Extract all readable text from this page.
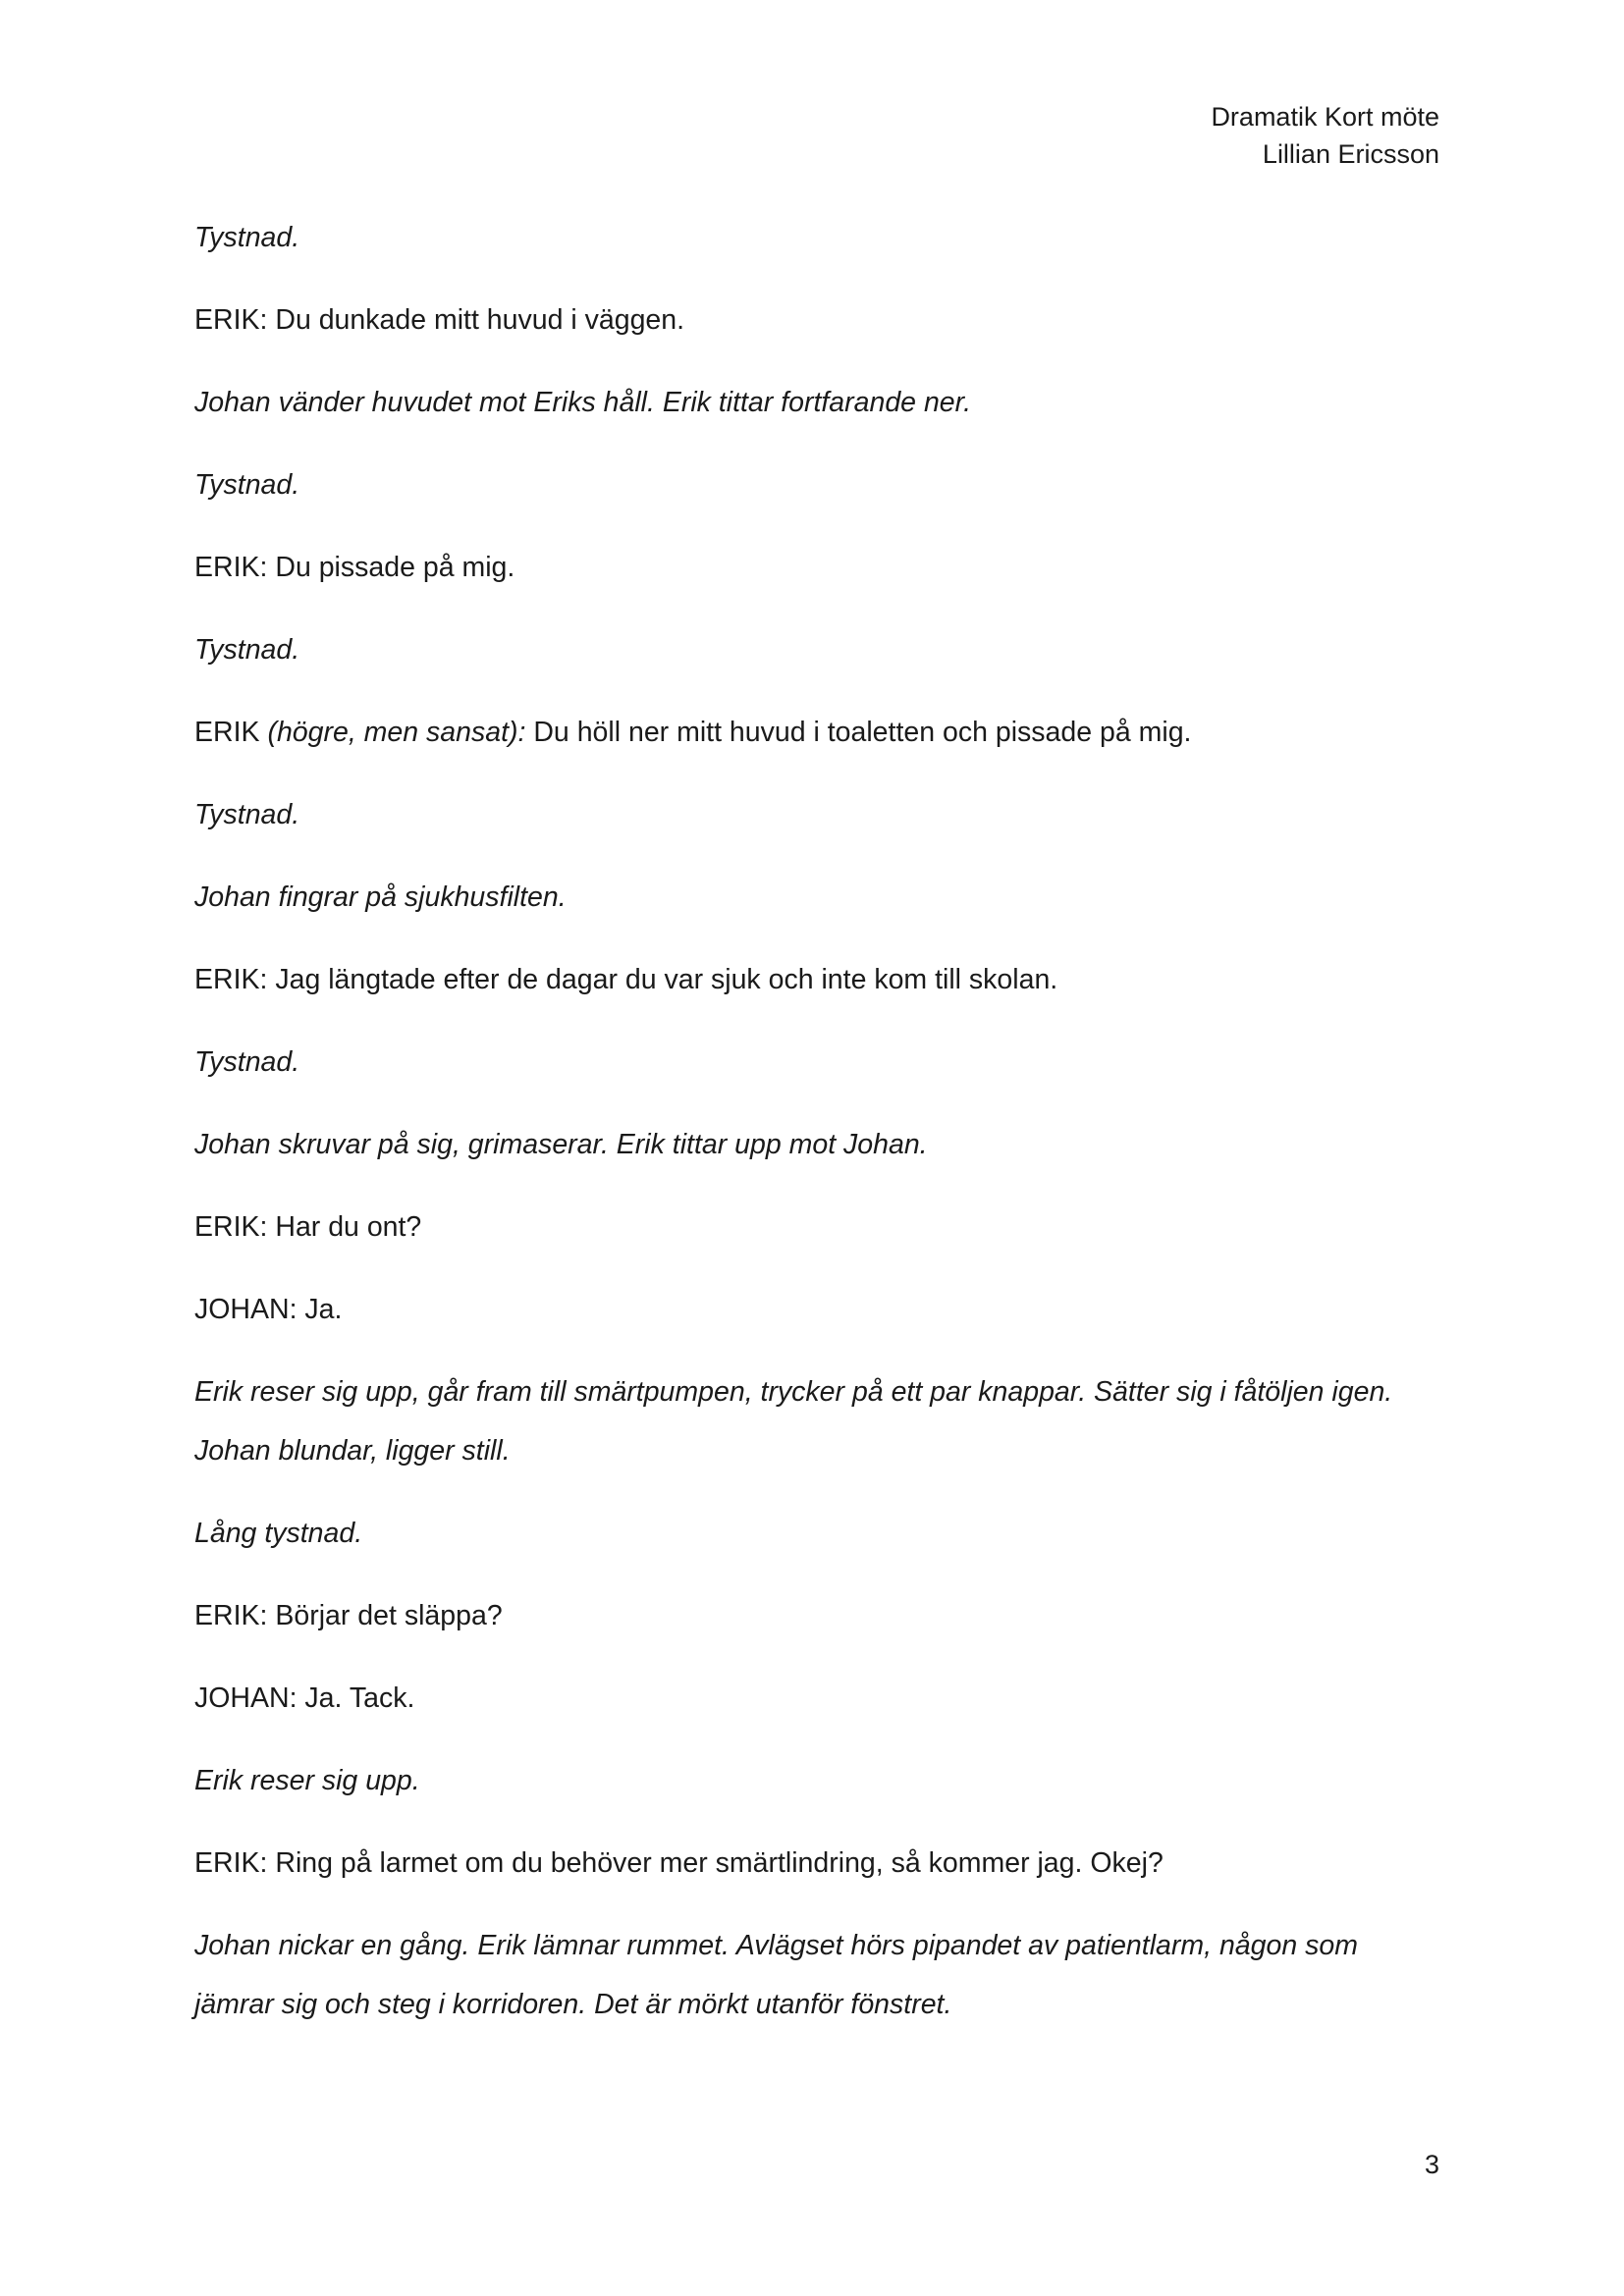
Dramatik Kort möte
Lillian Ericsson

Tystnad.

ERIK: Du dunkade mitt huvud i väggen.

Johan vänder huvudet mot Eriks håll. Erik tittar fortfarande ner.

Tystnad.

ERIK: Du pissade på mig.

Tystnad.

ERIK (högre, men sansat): Du höll ner mitt huvud i toaletten och pissade på mig.

Tystnad.

Johan fingrar på sjukhusfilten.

ERIK: Jag längtade efter de dagar du var sjuk och inte kom till skolan.

Tystnad.

Johan skruvar på sig, grimaserar. Erik tittar upp mot Johan.

ERIK: Har du ont?

JOHAN: Ja.

Erik reser sig upp, går fram till smärtpumpen, trycker på ett par knappar. Sätter sig i fåtöljen igen. Johan blundar, ligger still.

Lång tystnad.

ERIK: Börjar det släppa?

JOHAN: Ja. Tack.

Erik reser sig upp.

ERIK: Ring på larmet om du behöver mer smärtlindring, så kommer jag. Okej?

Johan nickar en gång. Erik lämnar rummet. Avlägset hörs pipandet av patientlarm, någon som jämrar sig och steg i korridoren. Det är mörkt utanför fönstret.

3
